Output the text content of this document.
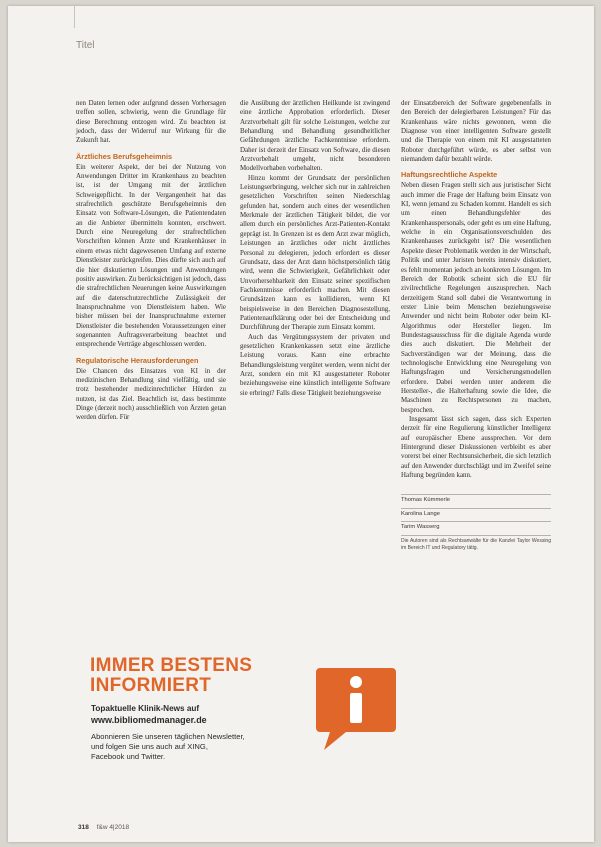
Titel

nen Daten lernen oder aufgrund dessen Vorhersagen treffen sollen, schwierig, wenn die Grundlage für diese Berechnung entzogen wird. Zu beachten ist jedoch, dass der Widerruf nur Wirkung für die Zukunft hat.

Ärztliches Berufsgeheimnis

Ein weiterer Aspekt, der bei der Nutzung von Anwendungen Dritter im Krankenhaus zu beachten ist, ist der Umgang mit der ärztlichen Schweigepflicht. In der Vergangenheit hat das strafrechtlich geschützte Berufsgeheimnis den Einsatz von Software-Lösungen, die Patientendaten an die Anbieter übermitteln konnten, erschwert. Durch eine Neuregelung der strafrechtlichen Vorschriften können Ärzte und Krankenhäuser in einem etwas nicht dagewesenen Umfang auf externe Dienstleister zurückgreifen. Dies dürfte sich auch auf die hier diskutierten Lösungen und Anwendungen positiv auswirken. Zu berücksichtigen ist jedoch, dass die strafrechtlichen Neuerungen keine Auswirkungen auf die datenschutzrechtliche Zulässigkeit der Inanspruchnahme von Dienstleistern haben. Wie bisher müssen bei der Inanspruchnahme externer Dienstleister die bestehenden Voraussetzungen einer sogenannten Auftragsverarbeitung beachtet und entsprechende Verträge abgeschlossen werden.

Regulatorische Herausforderungen

Die Chancen des Einsatzes von KI in der medizinischen Behandlung sind vielfältig, und sie trotz bestehender medizinrechtlicher Hürden zu nutzen, ist das Ziel. Beachtlich ist, dass bestimmte Dinge (derzeit noch) ausschließlich von Ärzten getan werden dürfen. Für

die Ausübung der ärztlichen Heilkunde ist zwingend eine ärztliche Approbation erforderlich. Dieser Arztvorbehalt gilt für solche Leistungen, welche zur Behandlung und Behandlung gesundheitlicher Gefährdungen ärztliche Fachkenntnisse erfordern. Daher ist derzeit der Einsatz von Software, die diesen Arztvorbehalt umgeht, nicht besonderen Modellvorhaben vorbehalten.

Hinzu kommt der Grundsatz der persönlichen Leistungserbringung, welcher sich nur in zahlreichen gesetzlichen Vorschriften seinen Niederschlag gefunden hat, sondern auch eines der wesentlichen Merkmale der ärztlichen Tätigkeit bildet, die vor allem durch ein persönliches Arzt-Patienten-Kontakt geprägt ist. In Grenzen ist es dem Arzt zwar möglich, Leistungen an ärztliches oder nicht ärztliches Personal zu delegieren, jedoch erfordert es dieser Grundsatz, dass der Arzt dann höchstpersönlich tätig wird, wenn die Schwierigkeit, Gefährlichkeit oder Unvorhersehbarkeit den Einsatz seiner spezifischen Fachkenntnisse erforderlich machen. Mit diesen Grundsätzen kann es kollidieren, wenn KI beispielsweise in den Bereichen Diagnosestellung, Patientenaufklärung oder bei der Entscheidung und Durchführung der Therapie zum Einsatz kommt.

Auch das Vergütungssystem der privaten und gesetzlichen Krankenkassen setzt eine ärztliche Leistung voraus. Kann eine erbrachte Behandlungsleistung vergütet werden, wenn nicht der Arzt, sondern ein mit KI ausgestatteter Roboter beziehungsweise eine künstlich intelligente Software sie erbringt? Falls diese Tätigkeit beziehungsweise

der Einsatzbereich der Software gegebenenfalls in den Bereich der delegierbaren Leistungen? Für das Krankenhaus wäre nichts gewonnen, wenn die Diagnose von einer intelligenten Software gestellt und die Therapie von einem mit KI ausgestatteten Roboter durchgeführt würde, es aber selbst von niemandem dafür bezahlt würde.

Haftungsrechtliche Aspekte

Neben diesen Fragen stellt sich aus juristischer Sicht auch immer die Frage der Haftung beim Einsatz von KI, wenn jemand zu Schaden kommt. Handelt es sich um einen Behandlungsfehler des Krankenhauspersonals, oder geht es um eine Haftung, welche in ein Organisationsverschulden des Krankenhauses zurückgeht ist? Die wesentlichen Aspekte dieser Problematik werden in der Wirtschaft, Politik und unter Juristen bereits intensiv diskutiert, es fehlt momentan jedoch an konkreten Lösungen. Im Bereich der Robotik scheint sich die EU für zivilrechtliche Regelungen auszusprechen. Nach derzeitigem Stand soll dabei die Verantwortung in erster Linie beim Menschen beziehungsweise Anwender und nicht beim Roboter oder beim KI-Algorithmus oder Hersteller liegen. Im Bundestagsausschuss für die digitale Agenda wurde dies auch diskutiert. Die Mehrheit der Sachverständigen war der Meinung, dass die technologische Entwicklung eine Neuregelung von Haftungsfragen und Versicherungsmodellen erfordere. Dabei werden unter anderem die Hersteller-, die Halterhaftung sowie die Idee, die Maschinen zu Rechtspersonen zu machen, besprochen.

Insgesamt lässt sich sagen, dass sich Experten derzeit für eine Regulierung künstlicher Intelligenz auf europäischer Ebene aussprechen. Vor dem Hintergrund dieser Diskussionen verbleibt es aber vorerst bei einer Rechtsunsicherheit, die sich letztlich auf den Anwender durchschlägt und im Zweifel seine Haftung begründen kann.

Thomas Kümmerle
Karolina Lange
Tarim Wasserg
Die Autoren sind als Rechtsanwälte für die Kanzlei Taylor Wessing im Bereich IT und Regulatory tätig.
IMMER BESTENS
INFORMIERT
Topaktuelle Klinik-News auf
www.bibliomedmanager.de
Abonnieren Sie unseren täglichen Newsletter,
und folgen Sie uns auch auf XING,
Facebook und Twitter.
318 f&w 4|2018
